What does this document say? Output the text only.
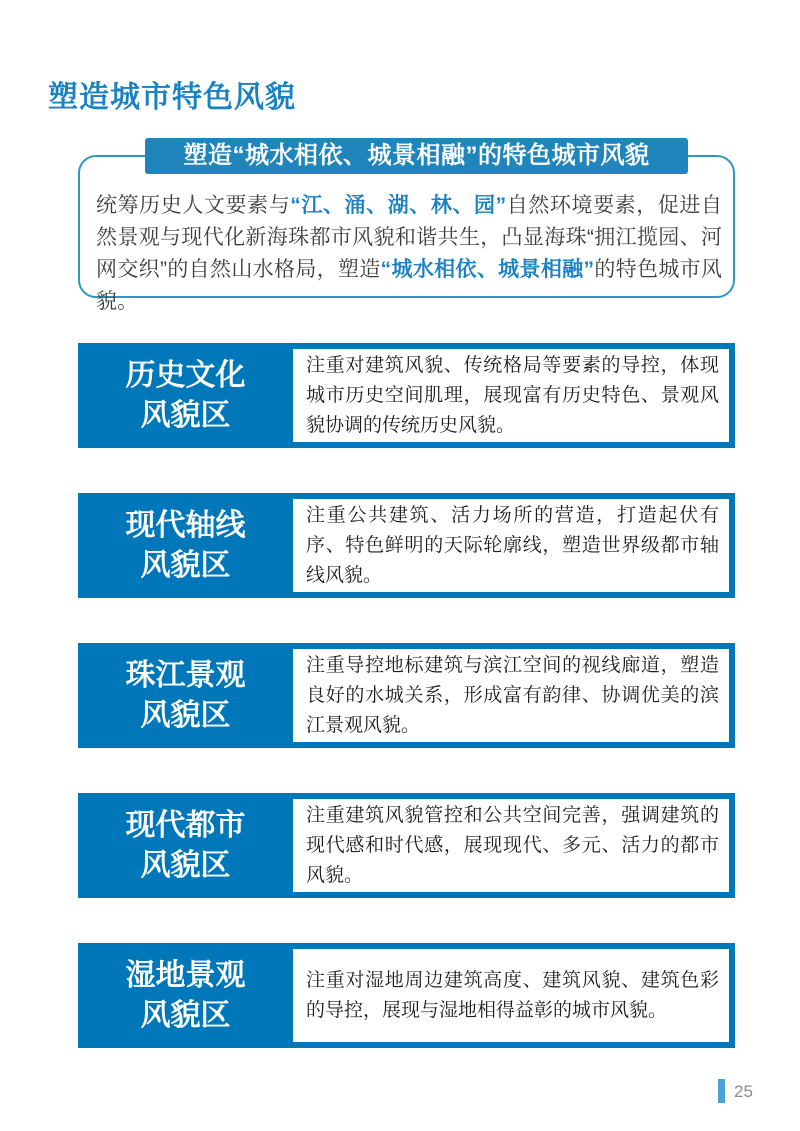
塑造城市特色风貌
塑造“城水相依、城景相融”的特色城市风貌

统筹历史人文要素与“江、涌、湖、林、园”自然环境要素，促进自然景观与现代化新海珠都市风貌和谐共生，凸显海珠“拥江揽园、河网交织”的自然山水格局，塑造“城水相依、城景相融”的特色城市风貌。

历史文化
风貌区
注重对建筑风貌、传统格局等要素的导控，体现城市历史空间肌理，展现富有历史特色、景观风貌协调的传统历史风貌。
现代轴线
风貌区
注重公共建筑、活力场所的营造，打造起伏有序、特色鲜明的天际轮廓线，塑造世界级都市轴线风貌。
珠江景观
风貌区
注重导控地标建筑与滨江空间的视线廊道，塑造良好的水城关系，形成富有韵律、协调优美的滨江景观风貌。
现代都市
风貌区
注重建筑风貌管控和公共空间完善，强调建筑的现代感和时代感，展现现代、多元、活力的都市风貌。
湿地景观
风貌区
注重对湿地周边建筑高度、建筑风貌、建筑色彩的导控，展现与湿地相得益彰的城市风貌。
25
